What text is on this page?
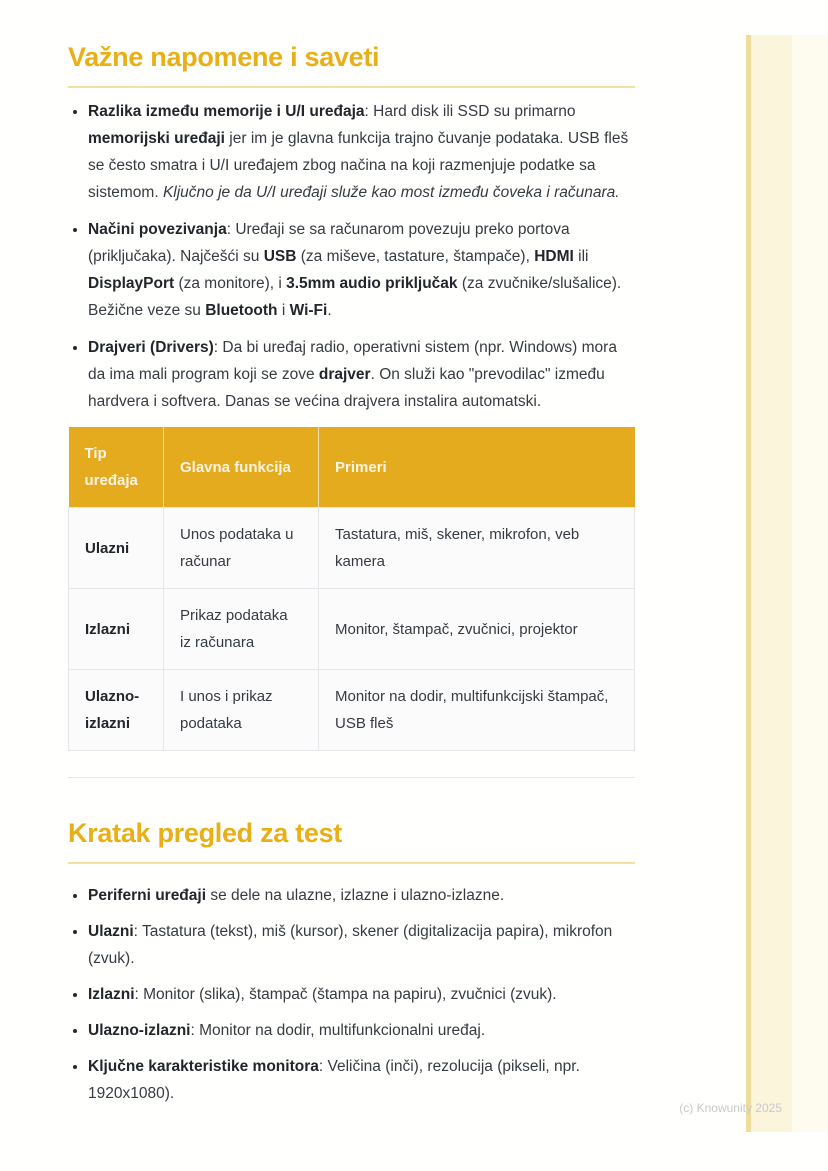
Važne napomene i saveti
• Razlika između memorije i U/I uređaja: Hard disk ili SSD su primarno memorijski uređaji jer im je glavna funkcija trajno čuvanje podataka. USB fleš se često smatra i U/I uređajem zbog načina na koji razmenjuje podatke sa sistemom. Ključno je da U/I uređaji služe kao most između čoveka i računara.
• Načini povezivanja: Uređaji se sa računarom povezuju preko portova (priključaka). Najčešći su USB (za miševe, tastature, štampače), HDMI ili DisplayPort (za monitore), i 3.5mm audio priključak (za zvučnike/slušalice). Bežične veze su Bluetooth i Wi-Fi.
• Drajveri (Drivers): Da bi uređaj radio, operativni sistem (npr. Windows) mora da ima mali program koji se zove drajver. On služi kao "prevodilac" između hardvera i softvera. Danas se većina drajvera instalira automatski.
Tip uređaja	Glavna funkcija	Primeri
Ulazni	Unos podataka u računar	Tastatura, miš, skener, mikrofon, veb kamera
Izlazni	Prikaz podataka iz računara	Monitor, štampač, zvučnici, projektor
Ulazno-izlazni	I unos i prikaz podataka	Monitor na dodir, multifunkcijski štampač, USB fleš
Kratak pregled za test
• Periferni uređaji se dele na ulazne, izlazne i ulazno-izlazne.
• Ulazni: Tastatura (tekst), miš (kursor), skener (digitalizacija papira), mikrofon (zvuk).
• Izlazni: Monitor (slika), štampač (štampa na papiru), zvučnici (zvuk).
• Ulazno-izlazni: Monitor na dodir, multifunkcionalni uređaj.
• Ključne karakteristike monitora: Veličina (inči), rezolucija (pikseli, npr. 1920x1080).
(c) Knowunity 2025
